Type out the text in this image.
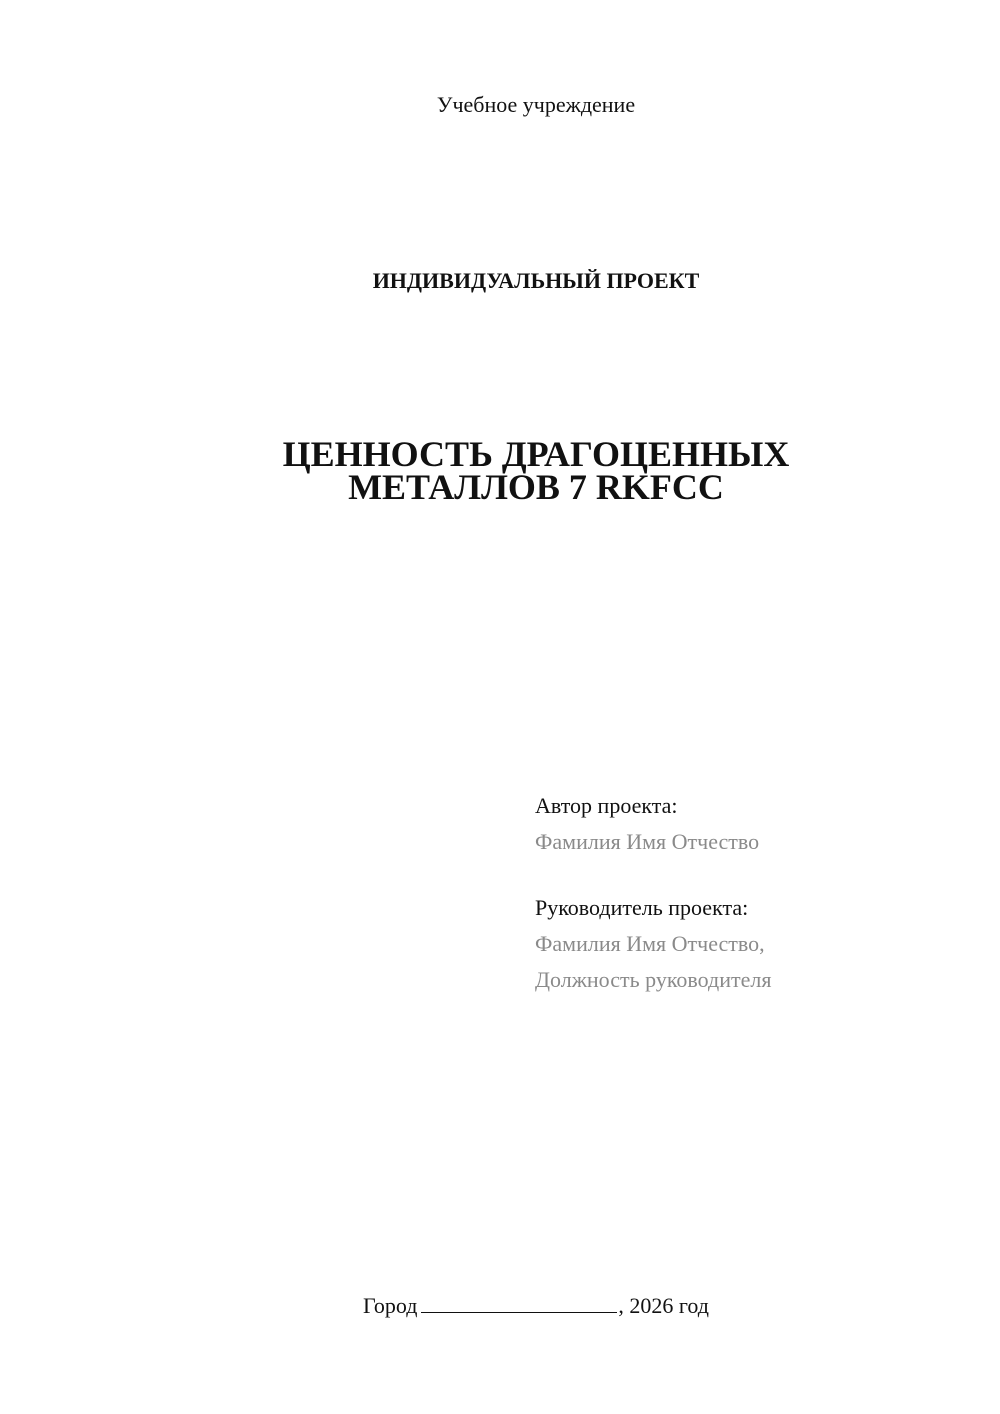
Учебное учреждение
ИНДИВИДУАЛЬНЫЙ ПРОЕКТ
ЦЕННОСТЬ ДРАГОЦЕННЫХ
МЕТАЛЛОВ 7 RKFCC
Автор проекта:
Фамилия Имя Отчество
Руководитель проекта:
Фамилия Имя Отчество,
Должность руководителя
Город	, 2026 год
